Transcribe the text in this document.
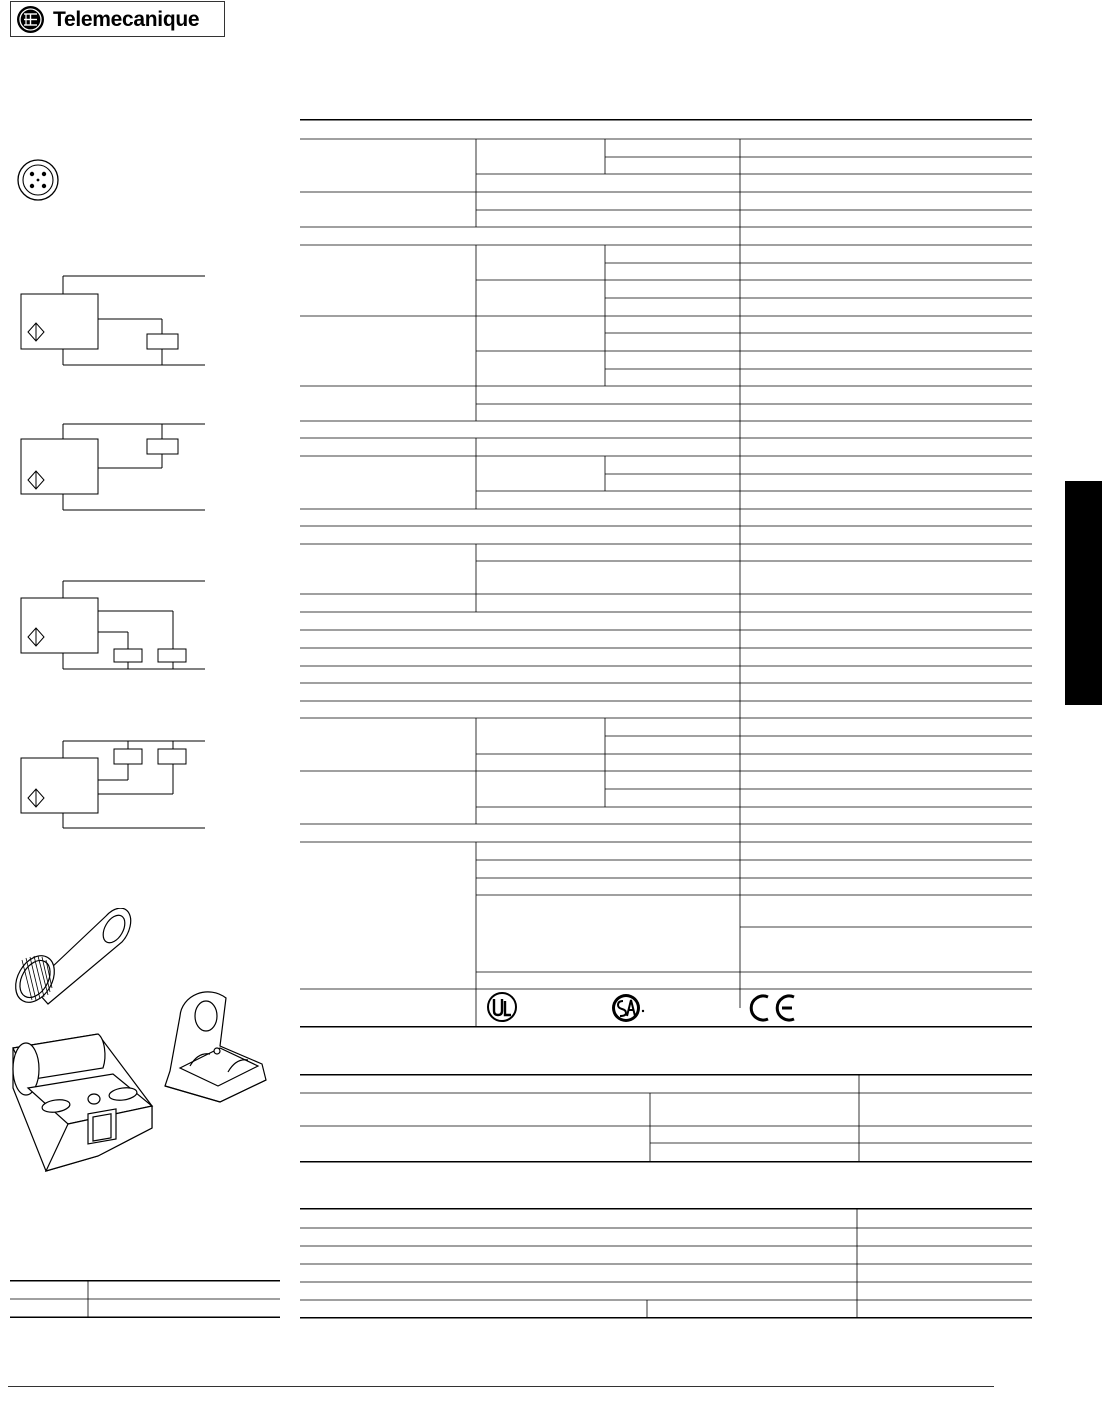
Telemecanique
